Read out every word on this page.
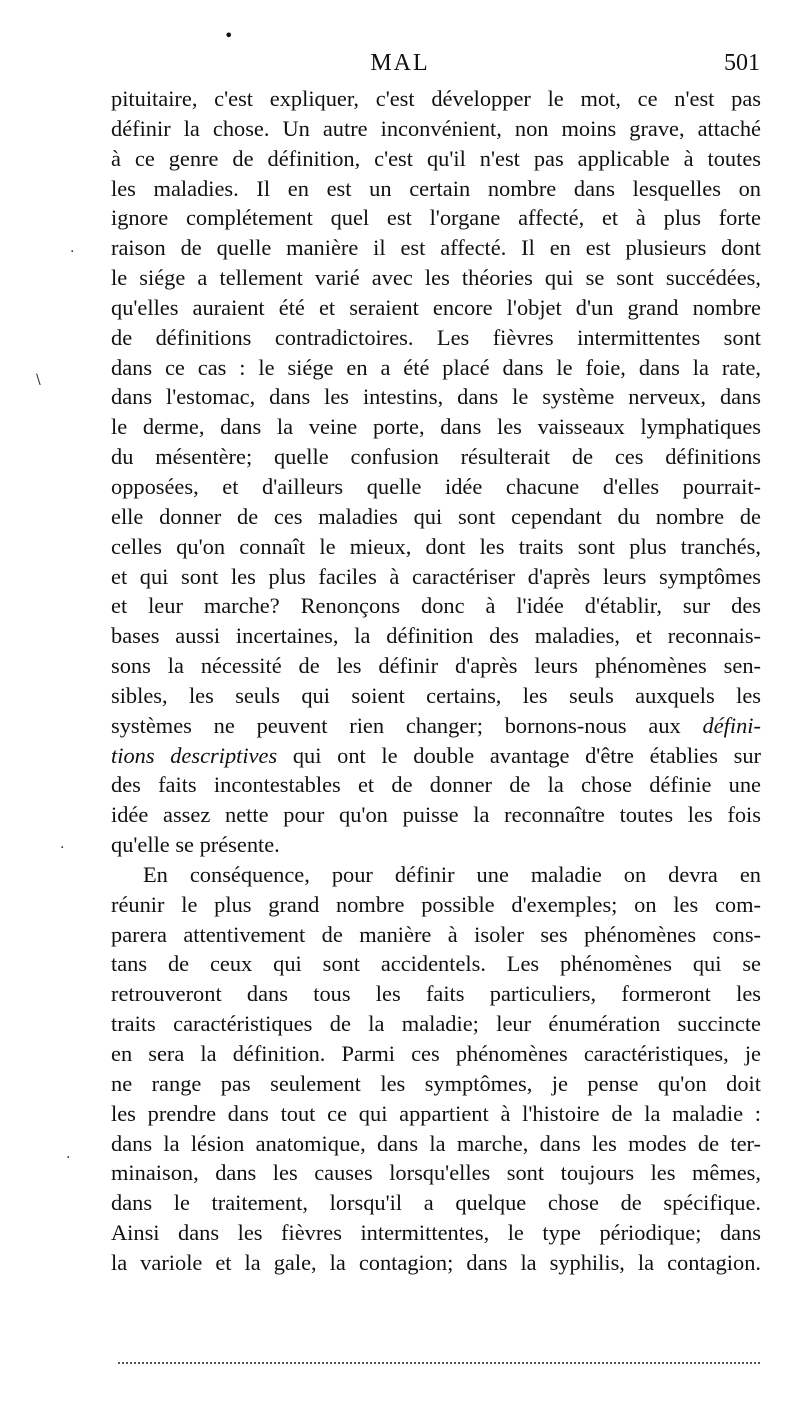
•
MAL	501
pituitaire, c'est expliquer, c'est développer le mot, ce n'est pas
définir la chose. Un autre inconvénient, non moins grave, attaché
à ce genre de définition, c'est qu'il n'est pas applicable à toutes
les maladies. Il en est un certain nombre dans lesquelles on
ignore complétement quel est l'organe affecté, et à plus forte
raison de quelle manière il est affecté. Il en est plusieurs dont
le siége a tellement varié avec les théories qui se sont succédées,
qu'elles auraient été et seraient encore l'objet d'un grand nombre
de définitions contradictoires. Les fièvres intermittentes sont
dans ce cas : le siége en a été placé dans le foie, dans la rate,
dans l'estomac, dans les intestins, dans le système nerveux, dans
le derme, dans la veine porte, dans les vaisseaux lymphatiques
du mésentère; quelle confusion résulterait de ces définitions
opposées, et d'ailleurs quelle idée chacune d'elles pourrait-
elle donner de ces maladies qui sont cependant du nombre de
celles qu'on connaît le mieux, dont les traits sont plus tranchés,
et qui sont les plus faciles à caractériser d'après leurs symptômes
et leur marche? Renonçons donc à l'idée d'établir, sur des
bases aussi incertaines, la définition des maladies, et reconnais-
sons la nécessité de les définir d'après leurs phénomènes sen-
sibles, les seuls qui soient certains, les seuls auxquels les
systèmes ne peuvent rien changer; bornons-nous aux défini-
tions descriptives qui ont le double avantage d'être établies sur
des faits incontestables et de donner de la chose définie une
idée assez nette pour qu'on puisse la reconnaître toutes les fois
qu'elle se présente.
En conséquence, pour définir une maladie on devra en
réunir le plus grand nombre possible d'exemples; on les com-
parera attentivement de manière à isoler ses phénomènes cons-
tans de ceux qui sont accidentels. Les phénomènes qui se
retrouveront dans tous les faits particuliers, formeront les
traits caractéristiques de la maladie; leur énumération succincte
en sera la définition. Parmi ces phénomènes caractéristiques, je
ne range pas seulement les symptômes, je pense qu'on doit
les prendre dans tout ce qui appartient à l'histoire de la maladie :
dans la lésion anatomique, dans la marche, dans les modes de ter-
minaison, dans les causes lorsqu'elles sont toujours les mêmes,
dans le traitement, lorsqu'il a quelque chose de spécifique.
Ainsi dans les fièvres intermittentes, le type périodique; dans
la variole et la gale, la contagion; dans la syphilis, la contagion.
.
\
·
·
